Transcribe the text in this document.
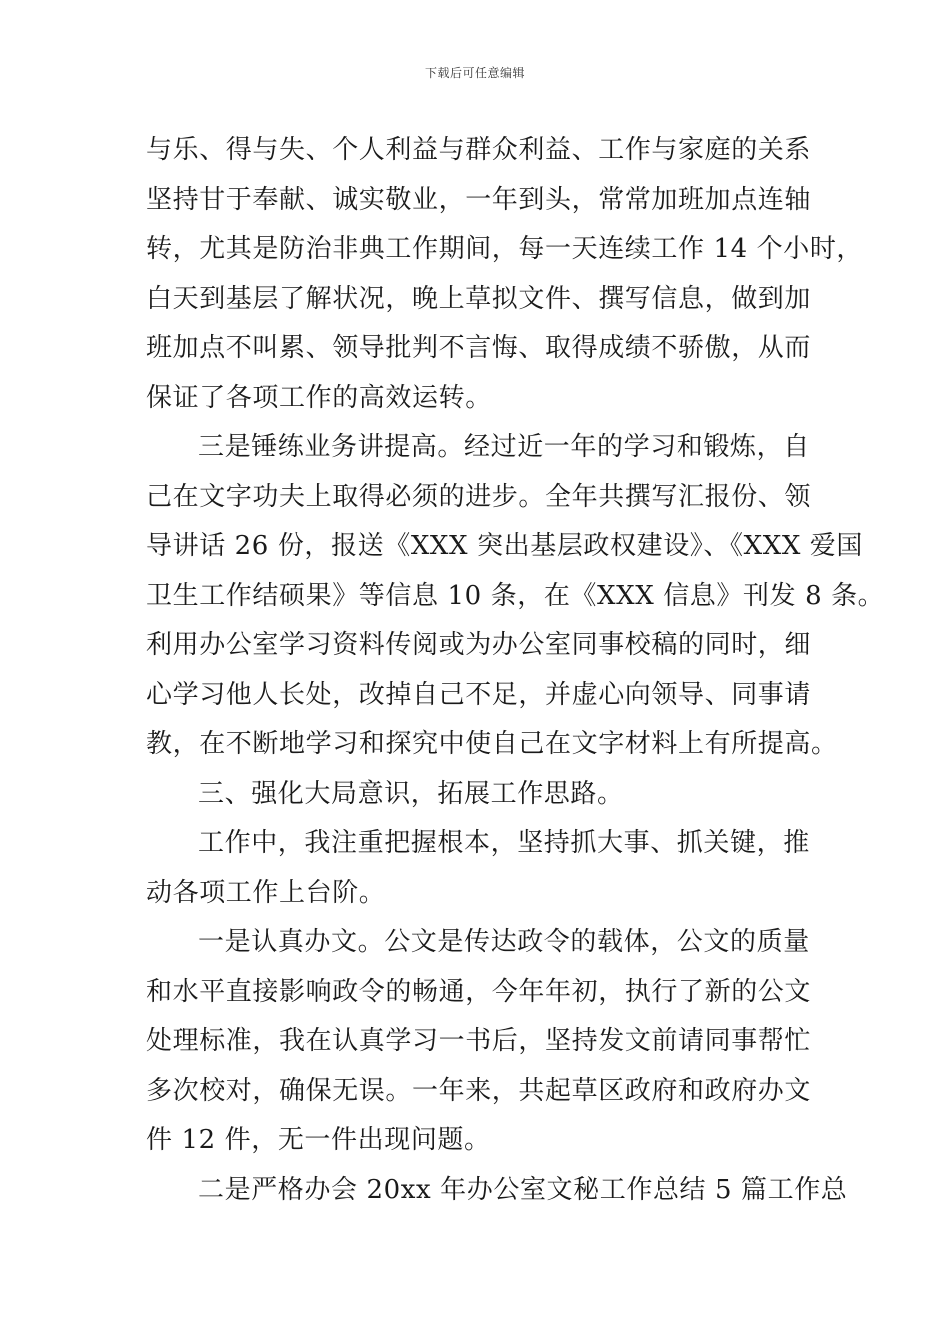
下载后可任意编辑
与乐、得与失、个人利益与群众利益、工作与家庭的关系
坚持甘于奉献、诚实敬业，一年到头，常常加班加点连轴
转，尤其是防治非典工作期间，每一天连续工作 14 个小时，
白天到基层了解状况，晚上草拟文件、撰写信息，做到加
班加点不叫累、领导批判不言悔、取得成绩不骄傲，从而
保证了各项工作的高效运转。
三是锤练业务讲提高。经过近一年的学习和锻炼，自
己在文字功夫上取得必须的进步。全年共撰写汇报份、领
导讲话 26 份，报送《XXX 突出基层政权建设》、《XXX 爱国
卫生工作结硕果》等信息 10 条，在《XXX 信息》刊发 8 条。
利用办公室学习资料传阅或为办公室同事校稿的同时，细
心学习他人长处，改掉自己不足，并虚心向领导、同事请
教，在不断地学习和探究中使自己在文字材料上有所提高。
三、强化大局意识，拓展工作思路。
工作中，我注重把握根本，坚持抓大事、抓关键，推
动各项工作上台阶。
一是认真办文。公文是传达政令的载体，公文的质量
和水平直接影响政令的畅通，今年年初，执行了新的公文
处理标准，我在认真学习一书后，坚持发文前请同事帮忙
多次校对，确保无误。一年来，共起草区政府和政府办文
件 12 件，无一件出现问题。
二是严格办会 20xx 年办公室文秘工作总结 5 篇工作总
